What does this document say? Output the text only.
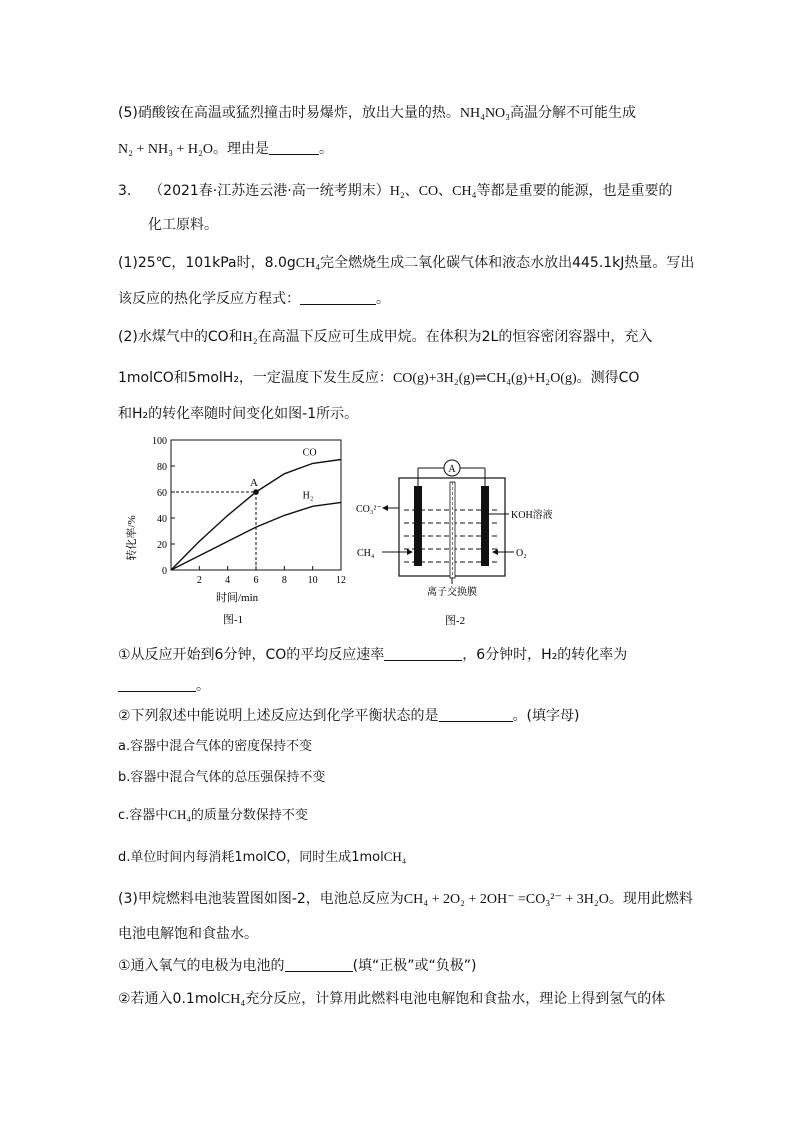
(5)硝酸铵在高温或猛烈撞击时易爆炸，放出大量的热。NH₄NO₃高温分解不可能生成
N₂ + NH₃ + H₂O。理由是	。
3. （2021春·江苏连云港·高一统考期末）H₂、CO、CH₄等都是重要的能源，也是重要的
化工原料。
(1)25℃，101kPa时，8.0gCH₄完全燃烧生成二氧化碳气体和液态水放出445.1kJ热量。写出
该反应的热化学反应方程式：	。
(2)水煤气中的CO和H₂在高温下反应可生成甲烷。在体积为2L的恒容密闭容器中，充入
1molCO和5molH₂，一定温度下发生反应：CO(g)+3H₂(g)⇌CH₄(g)+H₂O(g)。测得CO
和H₂的转化率随时间变化如图-1所示。
0
20
40
60
80
100
2 4 6 8 10 12
CO
H₂
A
时间/min
转化率/%
图-1
A
CO₃²⁻
CH₄	O₂
KOH溶液
离子交换膜
图-2
①从反应开始到6分钟，CO的平均反应速率	，6分钟时，H₂的转化率为
。
②下列叙述中能说明上述反应达到化学平衡状态的是	。(填字母)
a.容器中混合气体的密度保持不变
b.容器中混合气体的总压强保持不变
c.容器中CH₄的质量分数保持不变
d.单位时间内每消耗1molCO，同时生成1molCH₄
(3)甲烷燃料电池装置图如图-2，电池总反应为CH₄ + 2O₂ + 2OH⁻ =CO₃²⁻ + 3H₂O。现用此燃料
电池电解饱和食盐水。
①通入氧气的电极为电池的	(填“正极”或“负极”)
②若通入0.1molCH₄充分反应，计算用此燃料电池电解饱和食盐水，理论上得到氢气的体
